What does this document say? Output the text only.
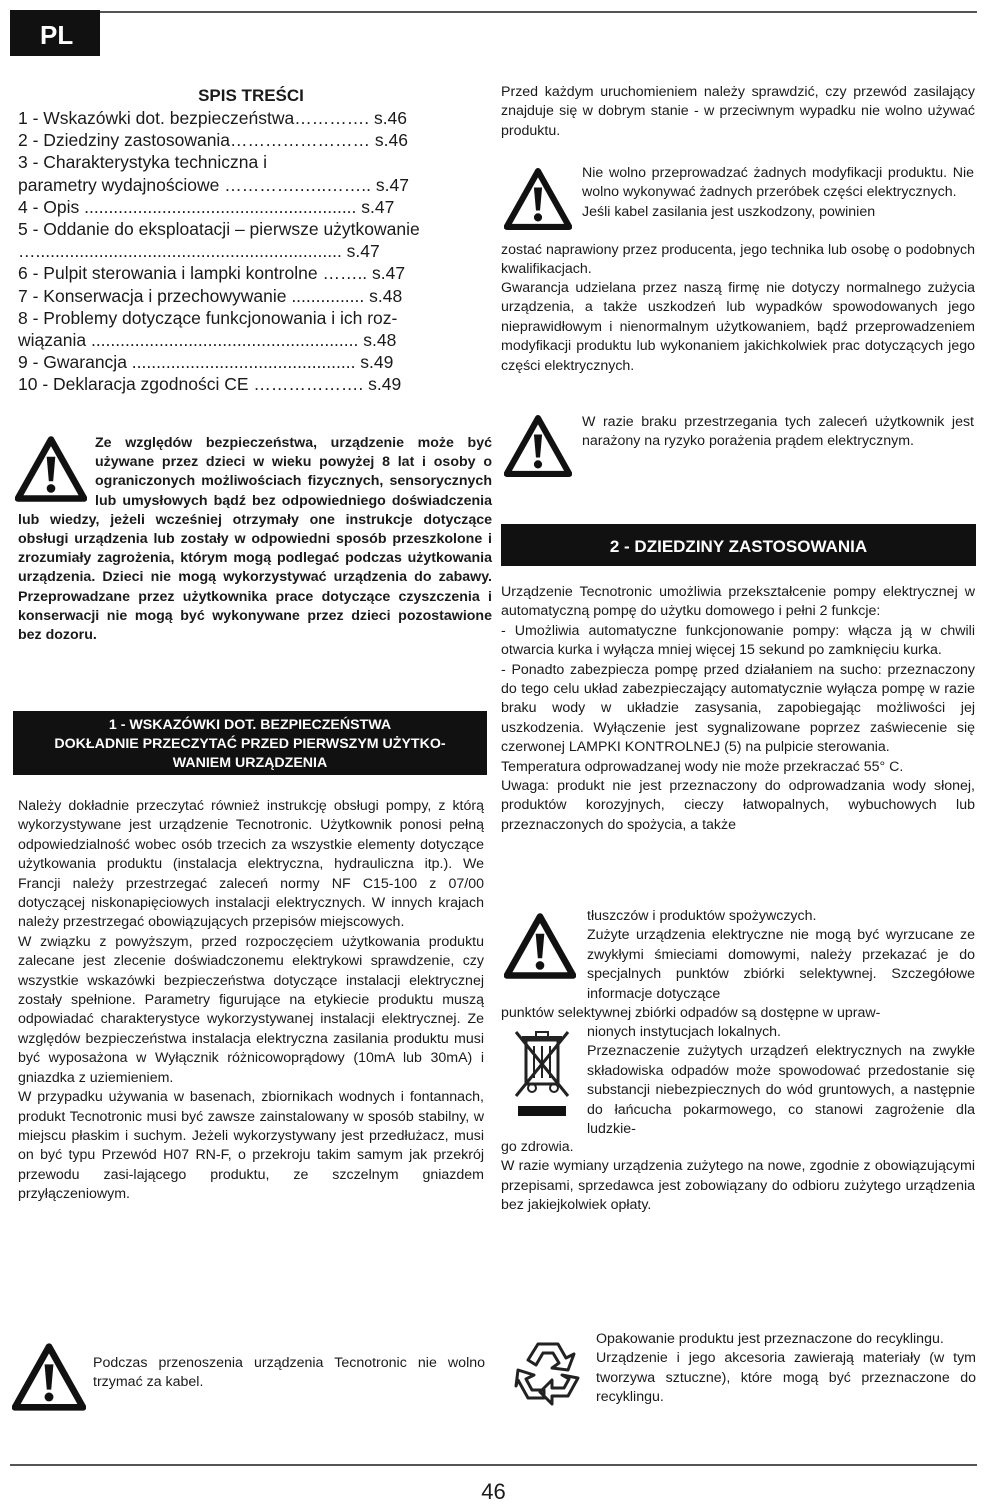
PL
SPIS TREŚCI
1 - Wskazówki dot. bezpieczeństwa…………. s.46
2 - Dziedziny zastosowania…………………… s.46
3 - Charakterystyka techniczna i
parametry wydajnościowe ………….…..…….. s.47
4 - Opis ........................................................ s.47
5 - Oddanie do eksploatacji – pierwsze użytkowanie
…............................................................... s.47
6 - Pulpit sterowania i lampki kontrolne …….. s.47
7 - Konserwacja i przechowywanie ............... s.48
8 - Problemy dotyczące funkcjonowania i ich roz-
wiązania ....................................................... s.48
9 - Gwarancja .............................................. s.49
10 - Deklaracja zgodności CE ………………. s.49
Ze względów bezpieczeństwa, urządzenie może być używane przez dzieci w wieku powyżej 8 lat i osoby o ograniczonych możliwościach fizycznych, sensorycznych lub umysłowych bądź bez odpowiedniego doświadczenia lub wiedzy, jeżeli wcześniej otrzymały one instrukcje dotyczące obsługi urządzenia lub zostały w odpowiedni sposób przeszkolone i zrozumiały zagrożenia, którym mogą podlegać podczas użytkowania urządzenia. Dzieci nie mogą wykorzystywać urządzenia do zabawy. Przeprowadzane przez użytkownika prace dotyczące czyszczenia i konserwacji nie mogą być wykonywane przez dzieci pozostawione bez dozoru.
1 - WSKAZÓWKI DOT. BEZPIECZEŃSTWA
DOKŁADNIE PRZECZYTAĆ PRZED PIERWSZYM UŻYTKO-
WANIEM URZĄDZENIA
Należy dokładnie przeczytać również instrukcję obsługi pompy, z którą wykorzystywane jest urządzenie Tecnotronic. Użytkownik ponosi pełną odpowiedzialność wobec osób trzecich za wszystkie elementy dotyczące użytkowania produktu (instalacja elektryczna, hydrauliczna itp.). We Francji należy przestrzegać zaleceń normy NF C15-100 z 07/00 dotyczącej niskonapięciowych instalacji elektrycznych. W innych krajach należy przestrzegać obowiązujących przepisów miejscowych.
W związku z powyższym, przed rozpoczęciem użytkowania produktu zalecane jest zlecenie doświadczonemu elektrykowi sprawdzenie, czy wszystkie wskazówki bezpieczeństwa dotyczące instalacji elektrycznej zostały spełnione. Parametry figurujące na etykiecie produktu muszą odpowiadać charakterystyce wykorzystywanej instalacji elektrycznej. Ze względów bezpieczeństwa instalacja elektryczna zasilania produktu musi być wyposażona w Wyłącznik różnicowoprądowy (10mA lub 30mA) i gniazdka z uziemieniem.
W przypadku używania w basenach, zbiornikach wodnych i fontannach, produkt Tecnotronic musi być zawsze zainstalowany w sposób stabilny, w miejscu płaskim i suchym. Jeżeli wykorzystywany jest przedłużacz, musi on być typu Przewód H07 RN-F, o przekroju takim samym jak przekrój przewodu zasi-lającego produktu, ze szczelnym gniazdem przyłączeniowym.
Podczas przenoszenia urządzenia Tecnotronic nie wolno trzymać za kabel.
Przed każdym uruchomieniem należy sprawdzić, czy przewód zasilający znajduje się w dobrym stanie - w przeciwnym wypadku nie wolno używać produktu.
Nie wolno przeprowadzać żadnych modyfikacji produktu. Nie wolno wykonywać żadnych przeróbek części elektrycznych.
Jeśli kabel zasilania jest uszkodzony, powinien
zostać naprawiony przez producenta, jego technika lub osobę o podobnych kwalifikacjach.
Gwarancja udzielana przez naszą firmę nie dotyczy normalnego zużycia urządzenia, a także uszkodzeń lub wypadków spowodowanych jego nieprawidłowym i nienormalnym użytkowaniem, bądź przeprowadzeniem modyfikacji produktu lub wykonaniem jakichkolwiek prac dotyczących jego części elektrycznych.
W razie braku przestrzegania tych zaleceń użytkownik jest narażony na ryzyko porażenia prądem elektrycznym.
2 - DZIEDZINY ZASTOSOWANIA
Urządzenie Tecnotronic umożliwia przekształcenie pompy elektrycznej w automatyczną pompę do użytku domowego i pełni 2 funkcje:
- Umożliwia automatyczne funkcjonowanie pompy: włącza ją w chwili otwarcia kurka i wyłącza mniej więcej 15 sekund po zamknięciu kurka.
- Ponadto zabezpiecza pompę przed działaniem na sucho: przeznaczony do tego celu układ zabezpieczający automatycznie wyłącza pompę w razie braku wody w układzie zasysania, zapobiegając możliwości jej uszkodzenia. Wyłączenie jest sygnalizowane poprzez zaświecenie się czerwonej LAMPKI KONTROLNEJ (5) na pulpicie sterowania.
Temperatura odprowadzanej wody nie może przekraczać 55° C.
Uwaga: produkt nie jest przeznaczony do odprowadzania wody słonej, produktów korozyjnych, cieczy łatwopalnych, wybuchowych lub przeznaczonych do spożycia, a także
tłuszczów i produktów spożywczych.
Zużyte urządzenia elektryczne nie mogą być wyrzucane ze zwykłymi śmieciami domowymi, należy przekazać je do specjalnych punktów zbiórki selektywnej. Szczegółowe informacje dotyczące
punktów selektywnej zbiórki odpadów są dostępne w upraw-
nionych instytucjach lokalnych.
Przeznaczenie zużytych urządzeń elektrycznych na zwykłe składowiska odpadów może spowodować przedostanie się substancji niebezpiecznych do wód gruntowych, a następnie do łańcucha pokarmowego, co stanowi zagrożenie dla ludzkie-
go zdrowia.
W razie wymiany urządzenia zużytego na nowe, zgodnie z obowiązującymi przepisami, sprzedawca jest zobowiązany do odbioru zużytego urządzenia bez jakiejkolwiek opłaty.
Opakowanie produktu jest przeznaczone do recyklingu.
Urządzenie i jego akcesoria zawierają materiały (w tym tworzywa sztuczne), które mogą być przeznaczone do recyklingu.
46
